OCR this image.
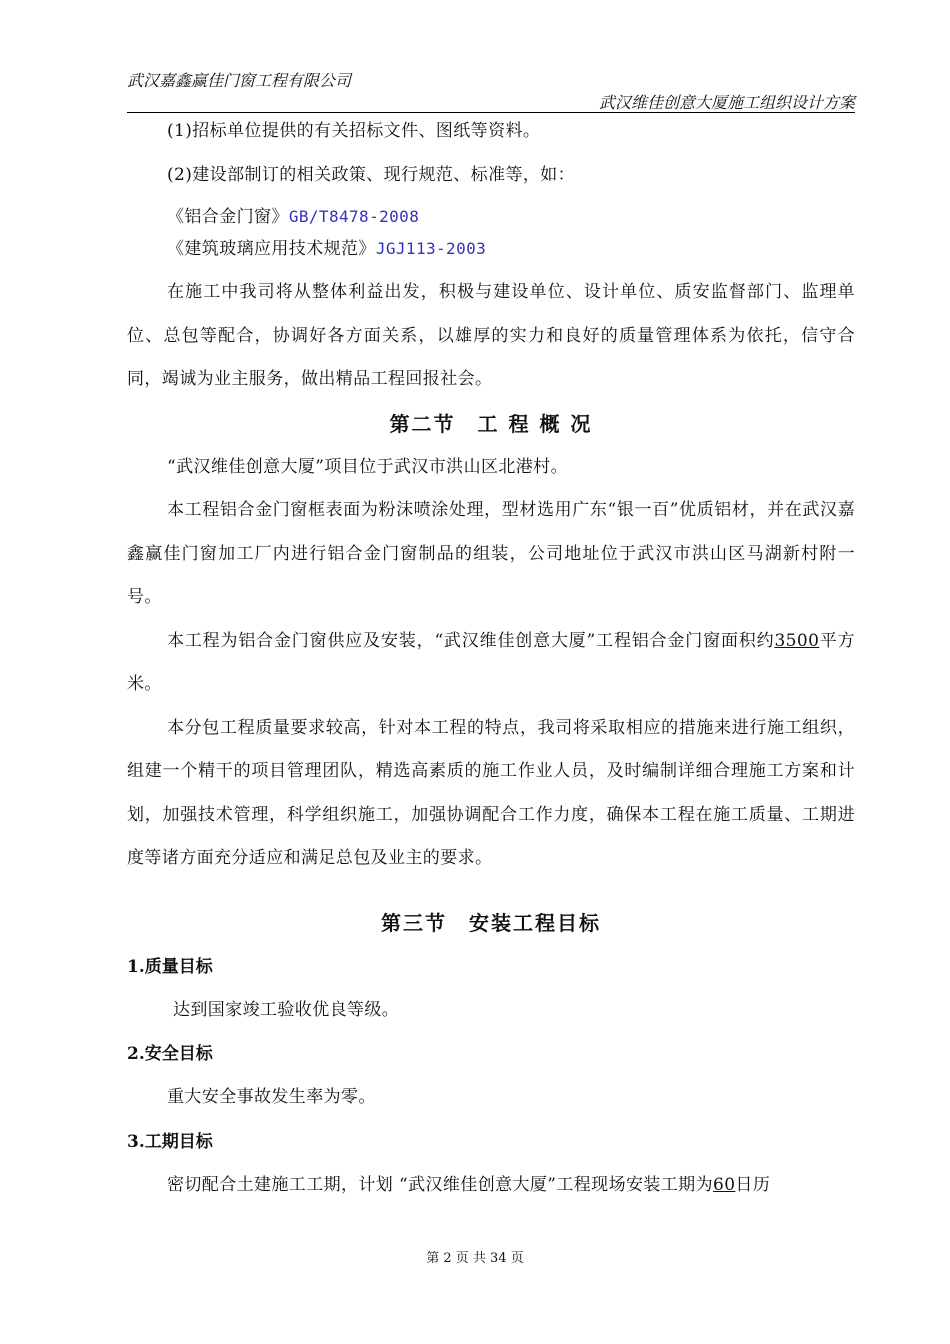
武汉嘉鑫赢佳门窗工程有限公司
武汉维佳创意大厦施工组织设计方案

(1)招标单位提供的有关招标文件、图纸等资料。

(2)建设部制订的相关政策、现行规范、标准等，如：

《铝合金门窗》GB/T8478-2008

《建筑玻璃应用技术规范》JGJ113-2003

在施工中我司将从整体利益出发，积极与建设单位、设计单位、质安监督部门、监理单位、总包等配合，协调好各方面关系，以雄厚的实力和良好的质量管理体系为依托，信守合同，竭诚为业主服务，做出精品工程回报社会。

第二节　工 程 概 况

“武汉维佳创意大厦”项目位于武汉市洪山区北港村。

本工程铝合金门窗框表面为粉沫喷涂处理，型材选用广东“银一百”优质铝材，并在武汉嘉鑫赢佳门窗加工厂内进行铝合金门窗制品的组装，公司地址位于武汉市洪山区马湖新村附一号。

本工程为铝合金门窗供应及安装，“武汉维佳创意大厦”工程铝合金门窗面积约3500平方米。

本分包工程质量要求较高，针对本工程的特点，我司将采取相应的措施来进行施工组织，组建一个精干的项目管理团队，精选高素质的施工作业人员，及时编制详细合理施工方案和计划，加强技术管理，科学组织施工，加强协调配合工作力度，确保本工程在施工质量、工期进度等诸方面充分适应和满足总包及业主的要求。

第三节　安装工程目标

1.质量目标

达到国家竣工验收优良等级。

2.安全目标

重大安全事故发生率为零。

3.工期目标

密切配合土建施工工期，计划 “武汉维佳创意大厦”工程现场安装工期为60日历

第 2 页 共 34 页
